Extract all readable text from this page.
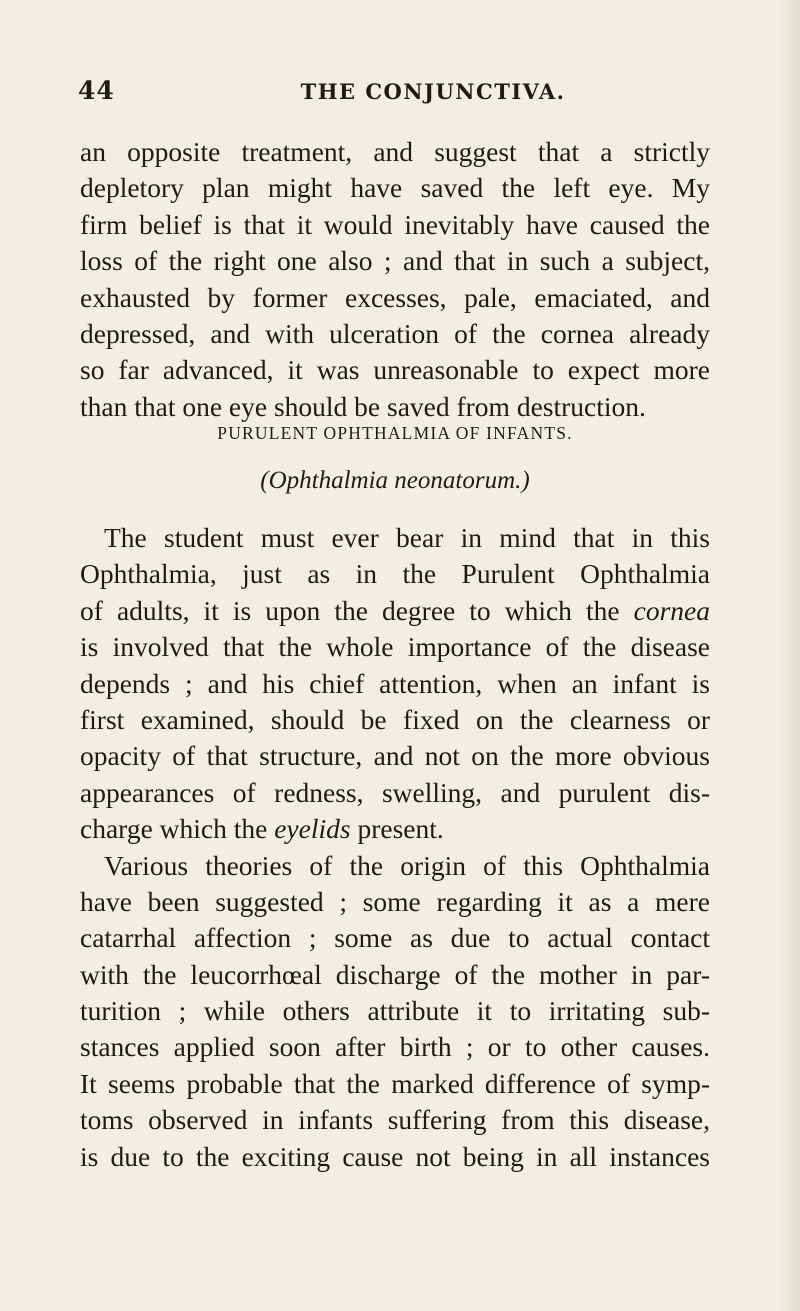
44	THE CONJUNCTIVA.
an opposite treatment, and suggest that a strictly
depletory plan might have saved the left eye. My
firm belief is that it would inevitably have caused the
loss of the right one also ; and that in such a subject,
exhausted by former excesses, pale, emaciated, and
depressed, and with ulceration of the cornea already
so far advanced, it was unreasonable to expect more
than that one eye should be saved from destruction.
PURULENT OPHTHALMIA OF INFANTS.
(Ophthalmia neonatorum.)
The student must ever bear in mind that in this
Ophthalmia, just as in the Purulent Ophthalmia
of adults, it is upon the degree to which the cornea
is involved that the whole importance of the disease
depends ; and his chief attention, when an infant is
first examined, should be fixed on the clearness or
opacity of that structure, and not on the more obvious
appearances of redness, swelling, and purulent dis-
charge which the eyelids present.
Various theories of the origin of this Ophthalmia
have been suggested ; some regarding it as a mere
catarrhal affection ; some as due to actual contact
with the leucorrhœal discharge of the mother in par-
turition ; while others attribute it to irritating sub-
stances applied soon after birth ; or to other causes.
It seems probable that the marked difference of symp-
toms observed in infants suffering from this disease,
is due to the exciting cause not being in all instances
